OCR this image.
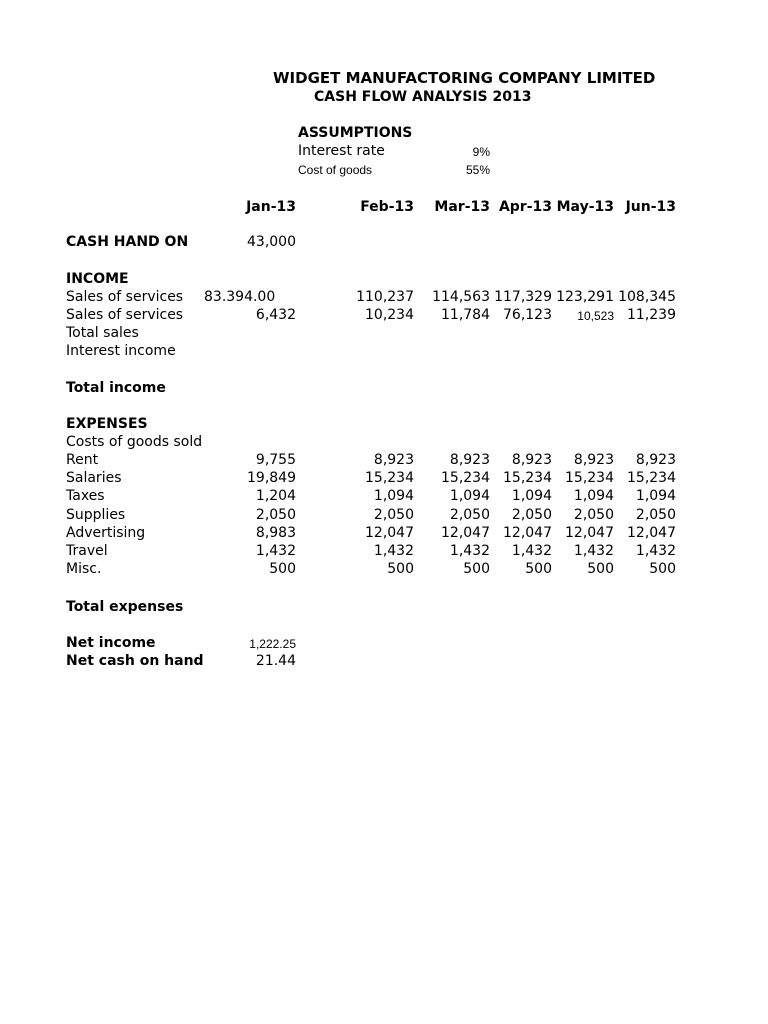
WIDGET MANUFACTORING COMPANY LIMITED
CASH FLOW ANALYSIS 2013
ASSUMPTIONS
Interest rate	9%
Cost of goods	55%
Jan-13	Feb-13	Mar-13 Apr-13 May-13 Jun-13
CASH HAND ON	43,000
INCOME
Sales of services 83.394.00	110,237	114,563 117,329 123,291 108,345
Sales of services	6,432	10,234	11,784 76,123	10,523 11,239
Total sales
Interest income
Total income
EXPENSES
Costs of goods sold
Rent	9,755	8,923	8,923	8,923	8,923	8,923
Salaries	19,849	15,234	15,234 15,234 15,234 15,234
Taxes	1,204	1,094	1,094	1,094	1,094	1,094
Supplies	2,050	2,050	2,050	2,050	2,050	2,050
Advertising	8,983	12,047	12,047 12,047 12,047 12,047
Travel	1,432	1,432	1,432	1,432	1,432	1,432
Misc.	500	500	500	500	500	500
Total expenses
Net income	1,222.25
Net cash on hand	21.44
